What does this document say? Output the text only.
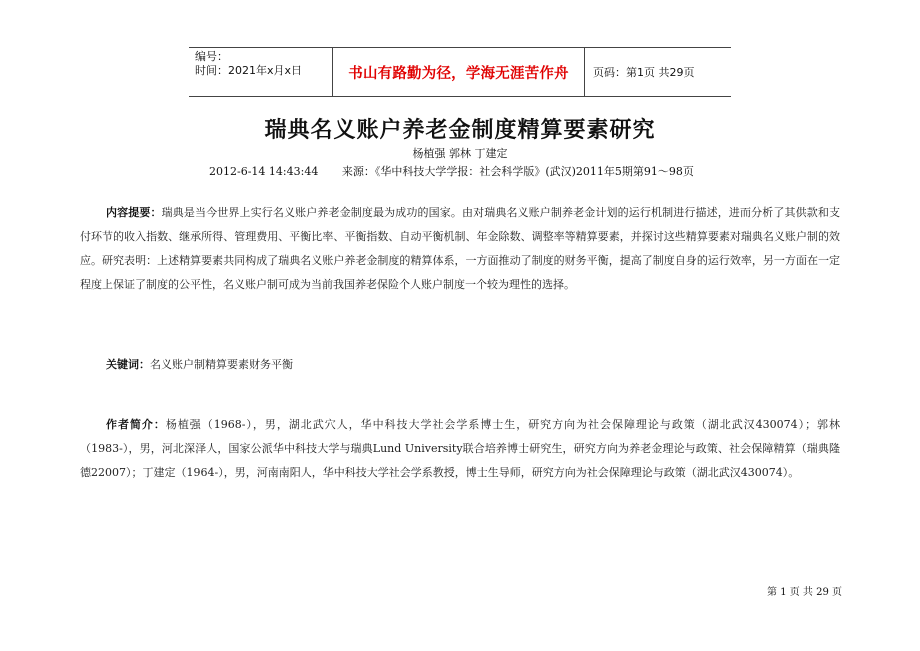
编号：
时间：2021年x月x日	书山有路勤为径，学海无涯苦作舟 页码：第1页 共29页
瑞典名义账户养老金制度精算要素研究
杨植强 郭林 丁建定
2012-6-14 14:43:44 来源：《华中科技大学学报：社会科学版》(武汉)2011年5期第91～98页
内容提要：瑞典是当今世界上实行名义账户养老金制度最为成功的国家。由对瑞典名义账户制养老金计划的运行机制进行描述，进而分析了其供款和支付环节的收入指数、继承所得、管理费用、平衡比率、平衡指数、自动平衡机制、年金除数、调整率等精算要素，并探讨这些精算要素对瑞典名义账户制的效应。研究表明：上述精算要素共同构成了瑞典名义账户养老金制度的精算体系，一方面推动了制度的财务平衡，提高了制度自身的运行效率，另一方面在一定程度上保证了制度的公平性，名义账户制可成为当前我国养老保险个人账户制度一个较为理性的选择。
关键词：名义账户制精算要素财务平衡
作者简介：杨植强（1968-），男，湖北武穴人，华中科技大学社会学系博士生，研究方向为社会保障理论与政策（湖北武汉430074）；郭林（1983-），男，河北深泽人，国家公派华中科技大学与瑞典Lund University联合培养博士研究生，研究方向为养老金理论与政策、社会保障精算（瑞典隆德22007）；丁建定（1964-），男，河南南阳人，华中科技大学社会学系教授，博士生导师，研究方向为社会保障理论与政策（湖北武汉430074）。
第 1 页 共 29 页
